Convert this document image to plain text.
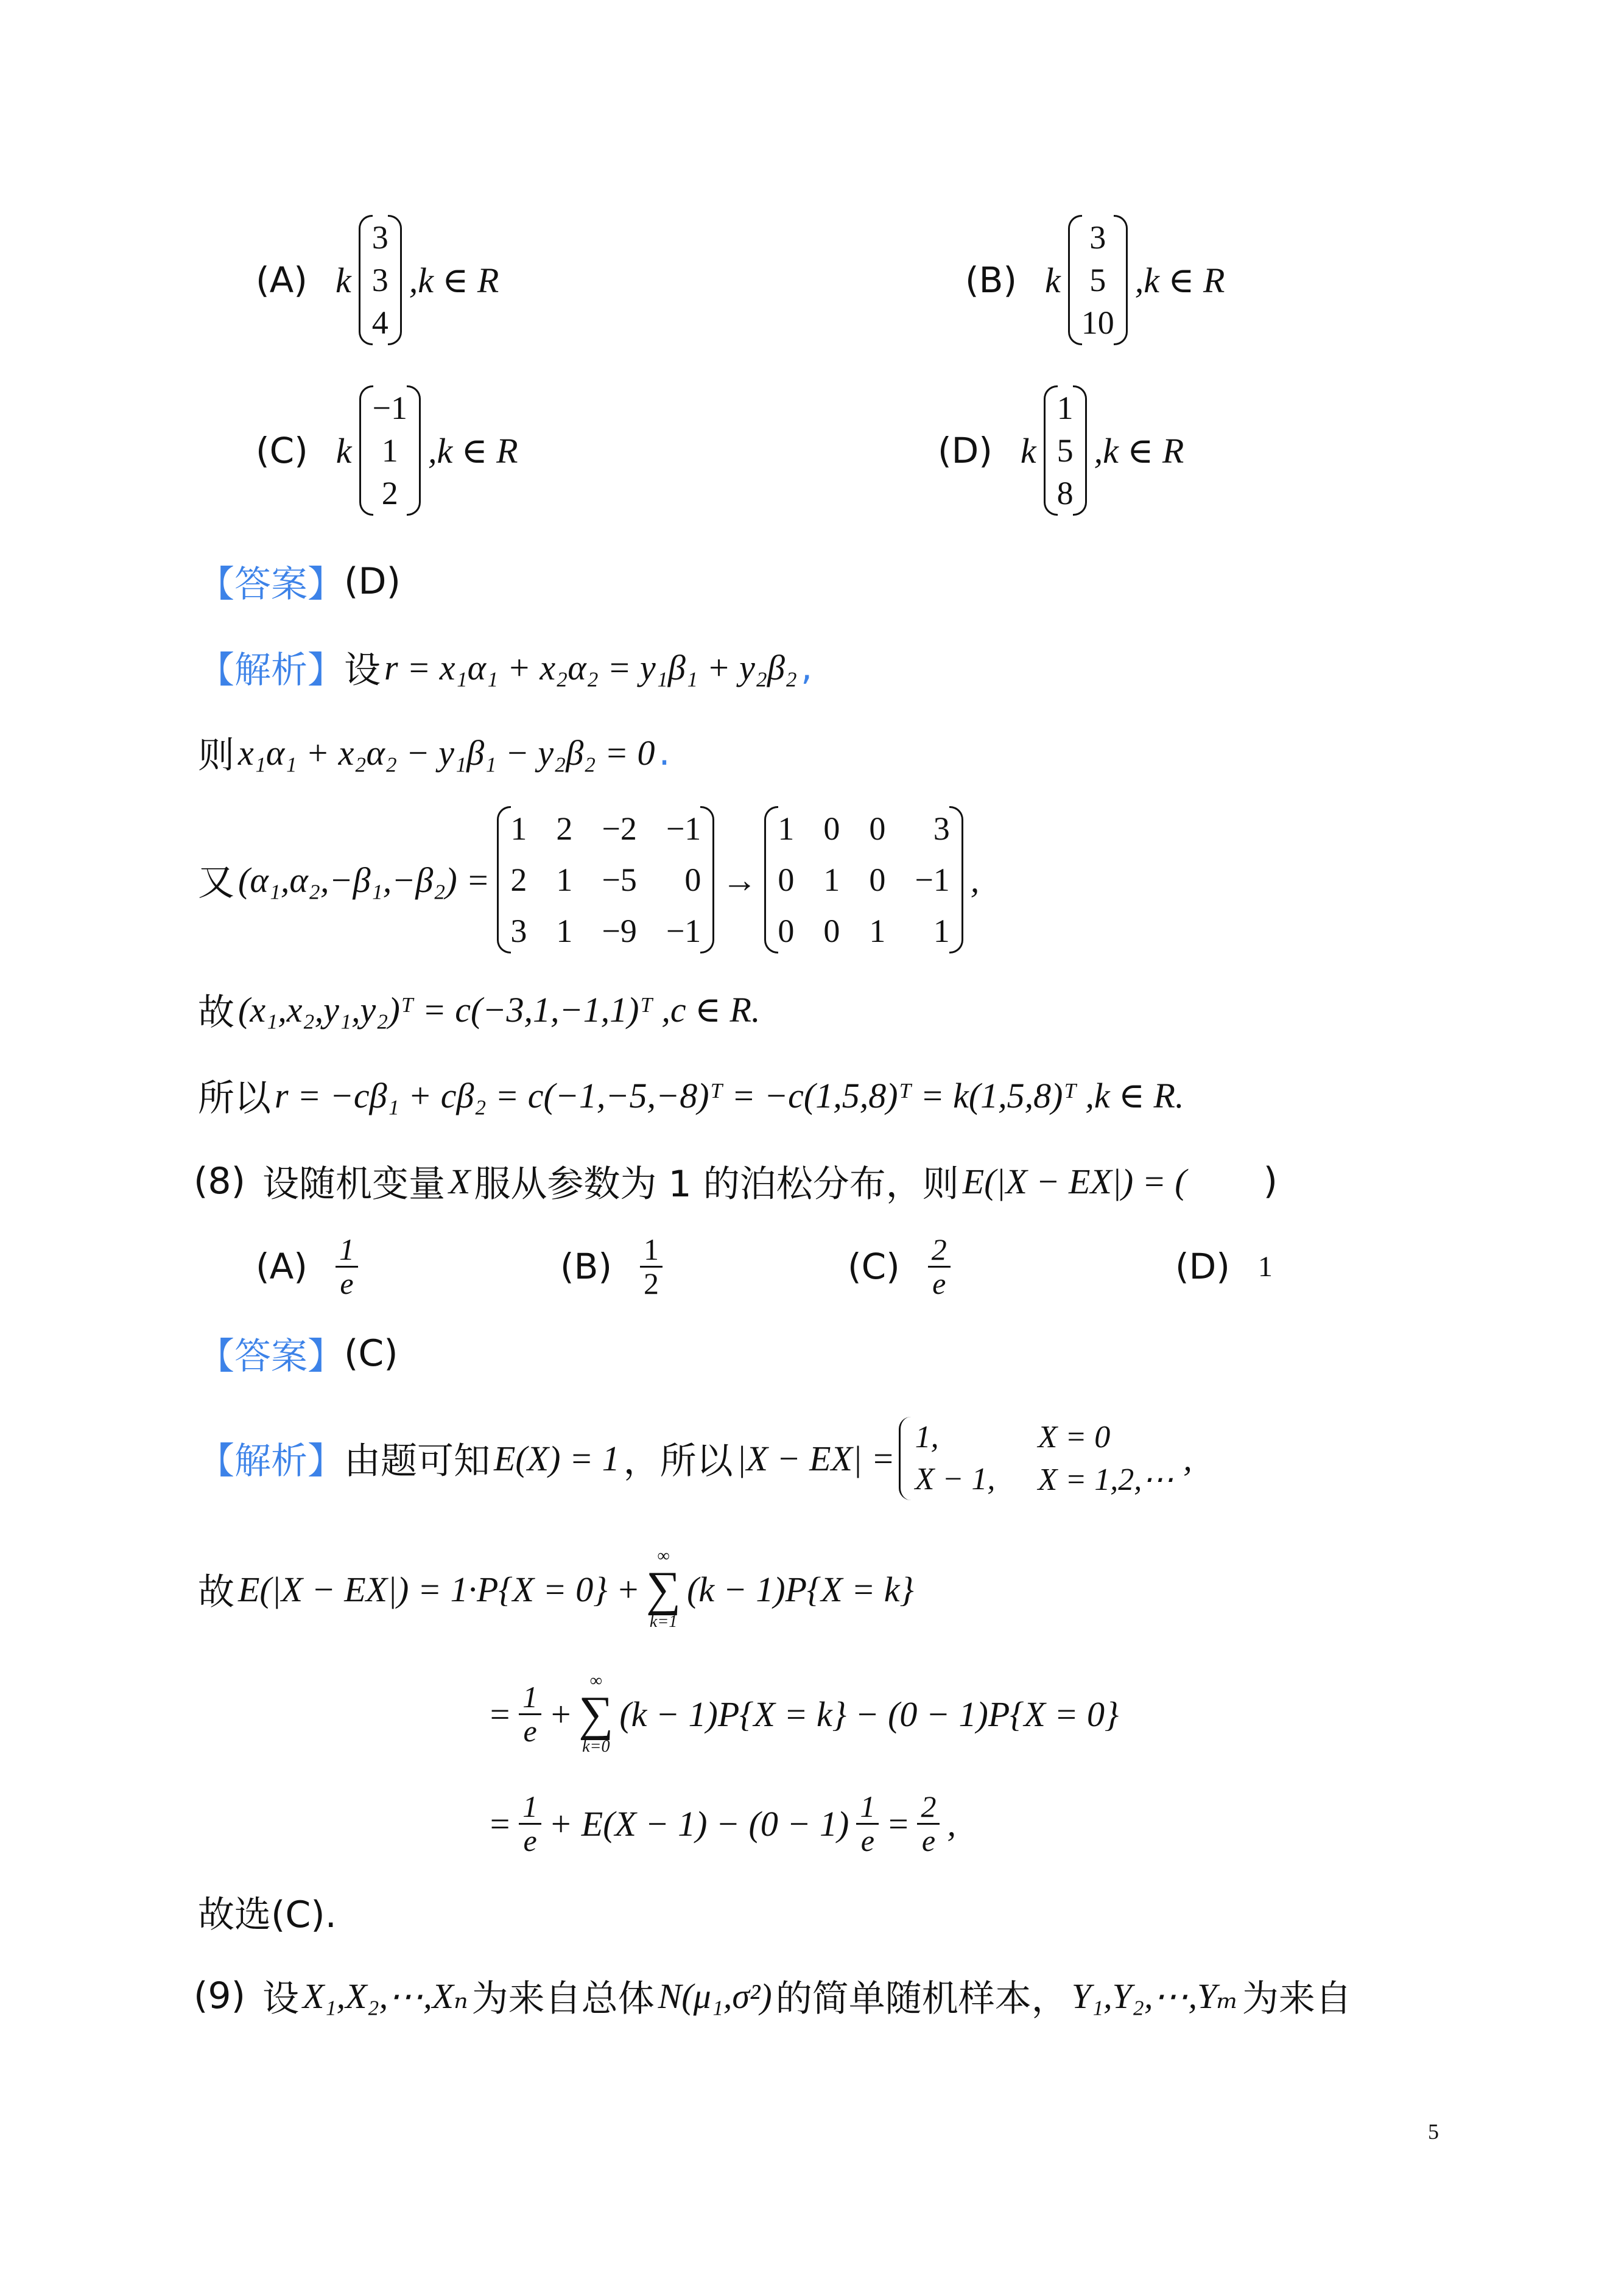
(A) k
3
3
4
,k ∈ R	(B) k
3
5
10
,k ∈ R
(C) k
−1
1
2
,k ∈ R	(D) k
1
5
8
,k ∈ R
【答案】 (D)
【解析】 设 r = x₁α₁ + x₂α₂ = y₁β₁ + y₂β₂ ,
则 x₁α₁ + x₂α₂ − y₁β₁ − y₂β₂ = 0 .
又 (α₁,α₂,−β₁,−β₂) =
1 2 −2 −1
2 1 −5	0
3 1 −9 −1
→
1 0 0	3
0 1 0 −1
0 0 1	1
,
故 (x₁,x₂,y₁,y₂)ᵀ = c(−3,1,−1,1)ᵀ ,c ∈ R.
所以 r = −cβ₁ + cβ₂ = c(−1,−5,−8)ᵀ = −c(1,5,8)ᵀ = k(1,5,8)ᵀ ,k ∈ R.
(8) 设随机变量 X 服从参数为 1 的泊松分布，则 E(|X − EX|) = ( )
$(A) \frac{1}{e}$	$(B) \frac{1}{2}$	$(C) \frac{2}{e}$	(D) 1
【答案】 (C)
【解析】 由题可知 E(X) = 1 ，所以 |X − EX| =
1,	X = 0
X − 1, X = 1,2,⋯
,
故 E(|X − EX|) = 1·P{X = 0} +
∞
∑
k=1
(k − 1)P{X = k}
= $\frac{1}{e}$ +
∞
∑
k=0
(k − 1)P{X = k} − (0 − 1)P{X = 0}
= $\frac{1}{e} + E(X - 1) - (0 - 1) \frac{1}{e} = \frac{2}{e}$ ,
故选(C).
(9) 设 X₁,X₂,⋯,Xₙ 为来自总体 N(μ₁,σ²) 的简单随机样本， Y₁,Y₂,⋯,Yₘ 为来自
5
